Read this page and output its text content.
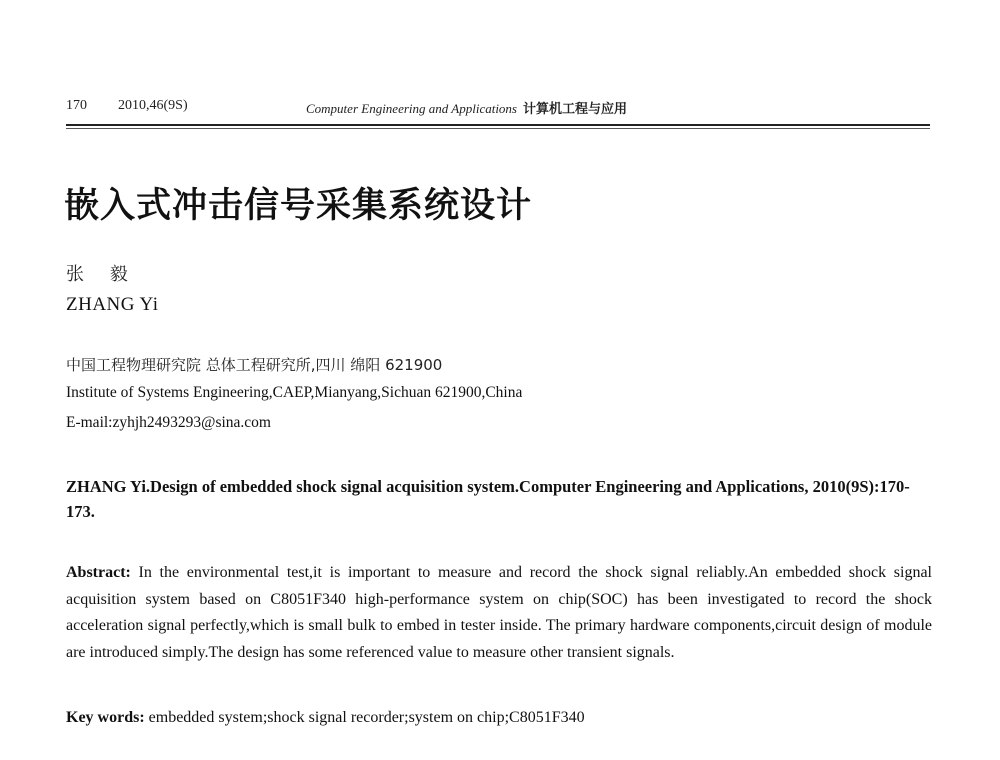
170 2010,46(9S)	Computer Engineering and Applications 计算机工程与应用
嵌入式冲击信号采集系统设计
张 毅
ZHANG Yi
中国工程物理研究院 总体工程研究所,四川 绵阳 621900
Institute of Systems Engineering,CAEP,Mianyang,Sichuan 621900,China
E-mail:zyhjh2493293@sina.com

ZHANG Yi.Design of embedded shock signal acquisition system.Computer Engineering and Applications, 2010(9S):170-173.

Abstract: In the environmental test,it is important to measure and record the shock signal reliably.An embedded shock signal acquisition system based on C8051F340 high-performance system on chip(SOC) has been investigated to record the shock acceleration signal perfectly,which is small bulk to embed in tester inside. The primary hardware components,circuit design of module are introduced simply.The design has some referenced value to measure other transient signals.

Key words: embedded system;shock signal recorder;system on chip;C8051F340
